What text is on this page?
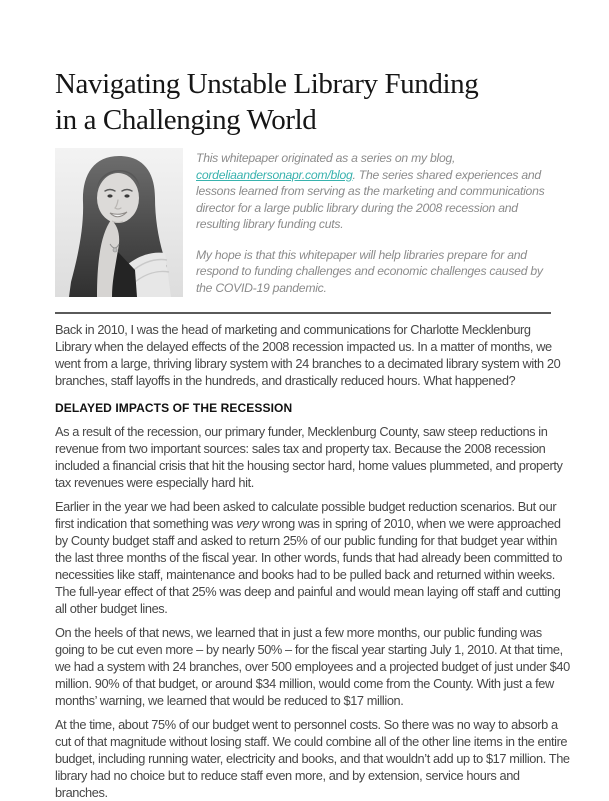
Navigating Unstable Library Funding
in a Challenging World

This whitepaper originated as a series on my blog, cordeliaandersonapr.com/blog. The series shared experiences and lessons learned from serving as the marketing and communications director for a large public library during the 2008 recession and resulting library funding cuts.

My hope is that this whitepaper will help libraries prepare for and respond to funding challenges and economic challenges caused by the COVID-19 pandemic.

Back in 2010, I was the head of marketing and communications for Charlotte Mecklenburg Library when the delayed effects of the 2008 recession impacted us. In a matter of months, we went from a large, thriving library system with 24 branches to a decimated library system with 20 branches, staff layoffs in the hundreds, and drastically reduced hours. What happened?

DELAYED IMPACTS OF THE RECESSION

As a result of the recession, our primary funder, Mecklenburg County, saw steep reductions in revenue from two important sources: sales tax and property tax. Because the 2008 recession included a financial crisis that hit the housing sector hard, home values plummeted, and property tax revenues were especially hard hit.

Earlier in the year we had been asked to calculate possible budget reduction scenarios. But our first indication that something was very wrong was in spring of 2010, when we were approached by County budget staff and asked to return 25% of our public funding for that budget year within the last three months of the fiscal year. In other words, funds that had already been committed to necessities like staff, maintenance and books had to be pulled back and returned within weeks. The full-year effect of that 25% was deep and painful and would mean laying off staff and cutting all other budget lines.

On the heels of that news, we learned that in just a few more months, our public funding was going to be cut even more – by nearly 50% – for the fiscal year starting July 1, 2010. At that time, we had a system with 24 branches, over 500 employees and a projected budget of just under $40 million. 90% of that budget, or around $34 million, would come from the County. With just a few months’ warning, we learned that would be reduced to $17 million.

At the time, about 75% of our budget went to personnel costs. So there was no way to absorb a cut of that magnitude without losing staff. We could combine all of the other line items in the entire budget, including running water, electricity and books, and that wouldn’t add up to $17 million. The library had no choice but to reduce staff even more, and by extension, service hours and branches.
